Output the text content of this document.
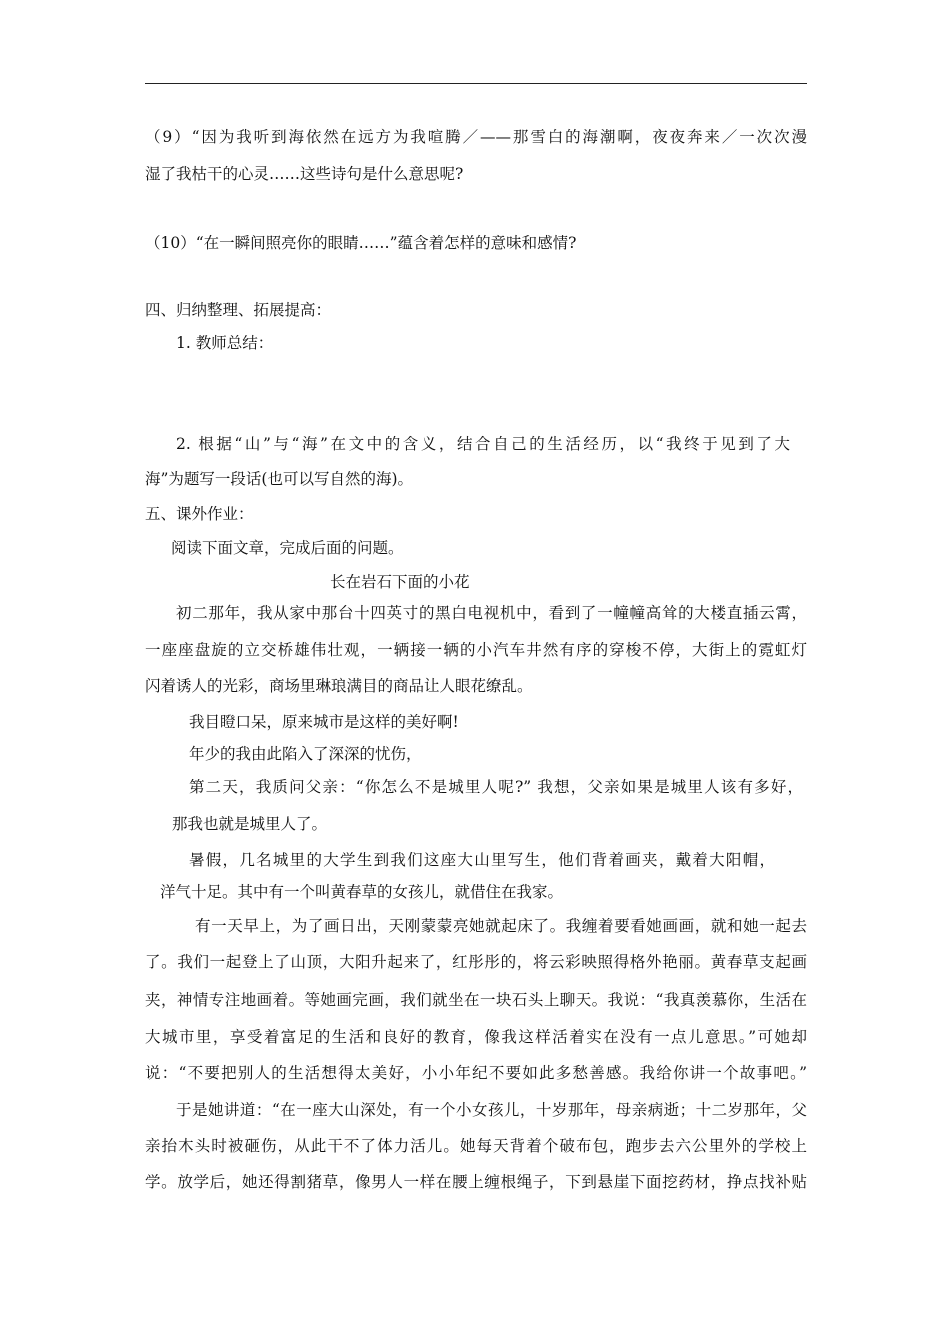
（9）“因为我听到海依然在远方为我喧腾／——那雪白的海潮啊，夜夜奔来／一次次漫
湿了我枯干的心灵……这些诗句是什么意思呢?
（10）“在一瞬间照亮你的眼睛……”蕴含着怎样的意味和感情?
四、归纳整理、拓展提高：
1. 教师总结：
2. 根据“山”与“海”在文中的含义，结合自己的生活经历，以“我终于见到了大
海”为题写一段话(也可以写自然的海)。
五、课外作业：
阅读下面文章，完成后面的问题。
长在岩石下面的小花
初二那年，我从家中那台十四英寸的黑白电视机中，看到了一幢幢高耸的大楼直插云霄，
一座座盘旋的立交桥雄伟壮观，一辆接一辆的小汽车井然有序的穿梭不停，大街上的霓虹灯
闪着诱人的光彩，商场里琳琅满目的商品让人眼花缭乱。
我目瞪口呆，原来城市是这样的美好啊!
年少的我由此陷入了深深的忧伤，
第二天，我质问父亲：“你怎么不是城里人呢?” 我想，父亲如果是城里人该有多好，
那我也就是城里人了。
暑假，几名城里的大学生到我们这座大山里写生，他们背着画夹，戴着大阳帽，
洋气十足。其中有一个叫黄春草的女孩儿，就借住在我家。
有一天早上，为了画日出，天刚蒙蒙亮她就起床了。我缠着要看她画画，就和她一起去
了。我们一起登上了山顶，大阳升起来了，红彤彤的，将云彩映照得格外艳丽。黄春草支起画
夹，神情专注地画着。等她画完画，我们就坐在一块石头上聊天。我说：“我真羡慕你，生活在
大城市里，享受着富足的生活和良好的教育，像我这样活着实在没有一点儿意思。”可她却
说：“不要把别人的生活想得太美好，小小年纪不要如此多愁善感。我给你讲一个故事吧。”
于是她讲道：“在一座大山深处，有一个小女孩儿，十岁那年，母亲病逝；十二岁那年，父
亲抬木头时被砸伤，从此干不了体力活儿。她每天背着个破布包，跑步去六公里外的学校上
学。放学后，她还得割猪草，像男人一样在腰上缠根绳子，下到悬崖下面挖药材，挣点找补贴
